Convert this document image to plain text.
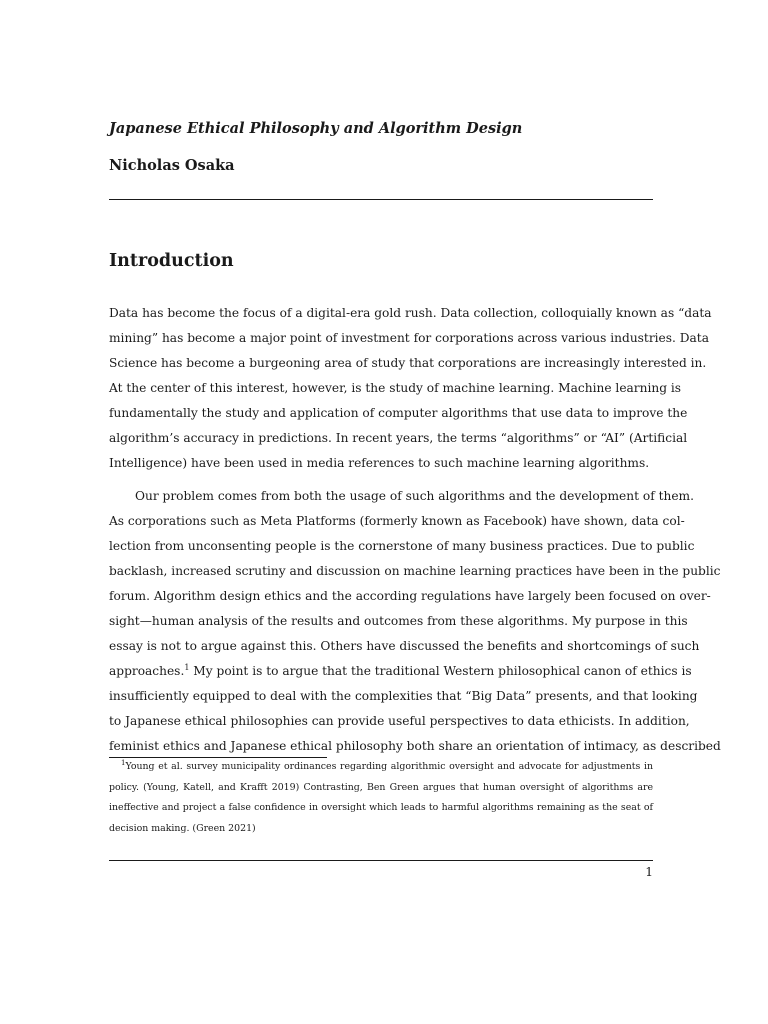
Japanese Ethical Philosophy and Algorithm Design
Nicholas Osaka
Introduction
Data has become the focus of a digital-era gold rush. Data collection, colloquially known as “data
mining” has become a major point of investment for corporations across various industries. Data
Science has become a burgeoning area of study that corporations are increasingly interested in.
At the center of this interest, however, is the study of machine learning. Machine learning is
fundamentally the study and application of computer algorithms that use data to improve the
algorithm’s accuracy in predictions. In recent years, the terms “algorithms” or “AI” (Artificial
Intelligence) have been used in media references to such machine learning algorithms.
Our problem comes from both the usage of such algorithms and the development of them.
As corporations such as Meta Platforms (formerly known as Facebook) have shown, data col-
lection from unconsenting people is the cornerstone of many business practices. Due to public
backlash, increased scrutiny and discussion on machine learning practices have been in the public
forum. Algorithm design ethics and the according regulations have largely been focused on over-
sight—human analysis of the results and outcomes from these algorithms. My purpose in this
essay is not to argue against this. Others have discussed the benefits and shortcomings of such
approaches.$^1$ My point is to argue that the traditional Western philosophical canon of ethics is
insufficiently equipped to deal with the complexities that “Big Data” presents, and that looking
to Japanese ethical philosophies can provide useful perspectives to data ethicists. In addition,
feminist ethics and Japanese ethical philosophy both share an orientation of intimacy, as described
$^1$Young et al. survey municipality ordinances regarding algorithmic oversight and advocate for adjustments in
policy. (Young, Katell, and Krafft 2019) Contrasting, Ben Green argues that human oversight of algorithms are
ineffective and project a false confidence in oversight which leads to harmful algorithms remaining as the seat of
decision making. (Green 2021)
1
